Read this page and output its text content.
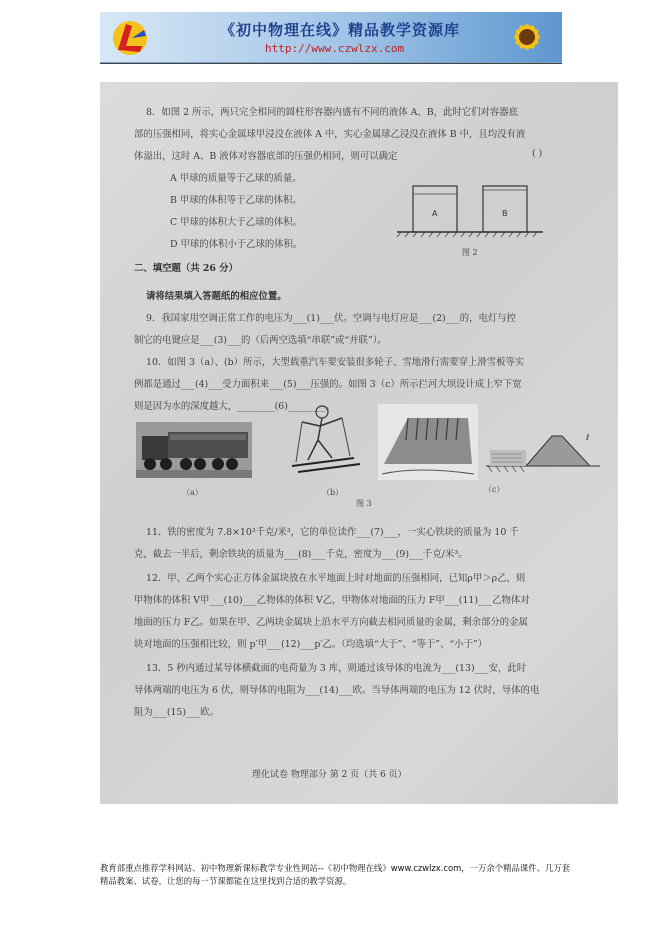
《初中物理在线》精品教学资源库
http://www.czwlzx.com
8．如图 2 所示，两只完全相同的圆柱形容器内盛有不同的液体 A、B，此时它们对容器底
部的压强相同，将实心金属球甲浸没在液体 A 中，实心金属球乙浸没在液体 B 中，且均没有液
体溢出，这时 A、B 液体对容器底部的压强仍相同，则可以确定	( )
A 甲球的质量等于乙球的质量。
B 甲球的体积等于乙球的体积。
C 甲球的体积大于乙球的体积。
D 甲球的体积小于乙球的体积。
A	B
图 2
二、填空题（共 26 分）
请将结果填入答题纸的相应位置。
9．我国家用空调正常工作的电压为___(1)___伏。空调与电灯应是___(2)___的，电灯与控
制它的电键应是___(3)___的（后两空选填“串联”或“并联”）。
10．如图 3（a）、(b）所示，大型载重汽车要安装很多轮子、雪地滑行需要穿上滑雪板等实
例都是通过___(4)___受力面积来___(5)___压强的。如图 3（c）所示拦河大坝设计成上窄下宽
则是因为水的深度越大，________(6)________。
ℓ
（a）	（b）	（c）
图 3
11．铁的密度为 7.8×10³千克/米³，它的单位读作___(7)___，一实心铁块的质量为 10 千
克，截去一半后，剩余铁块的质量为___(8)___千克，密度为___(9)___千克/米³。
12．甲、乙两个实心正方体金属块放在水平地面上时对地面的压强相同，已知ρ甲＞ρ乙，则
甲物体的体积 V甲___(10)___乙物体的体积 V乙，甲物体对地面的压力 F甲___(11)___乙物体对
地面的压力 F乙。如果在甲、乙两块金属块上沿水平方向截去相同质量的金属，剩余部分的金属
块对地面的压强相比较，则 p′甲___(12)___p′乙。（均选填“大于”、“等于”、“小于”）
13．5 秒内通过某导体横截面的电荷量为 3 库，则通过该导体的电流为___(13)___安，此时
导体两端的电压为 6 伏，则导体的电阻为___(14)___欧。当导体两端的电压为 12 伏时，导体的电
阻为___(15)___欧。
理化试卷 物理部分 第 2 页（共 6 页）
教育部重点推荐学科网站、初中物理新课标教学专业性网站--《初中物理在线》www.czwlzx.com，一万余个精品课件、几万套精品教案、试卷，让您的每一节课都能在这里找到合适的教学资源。
